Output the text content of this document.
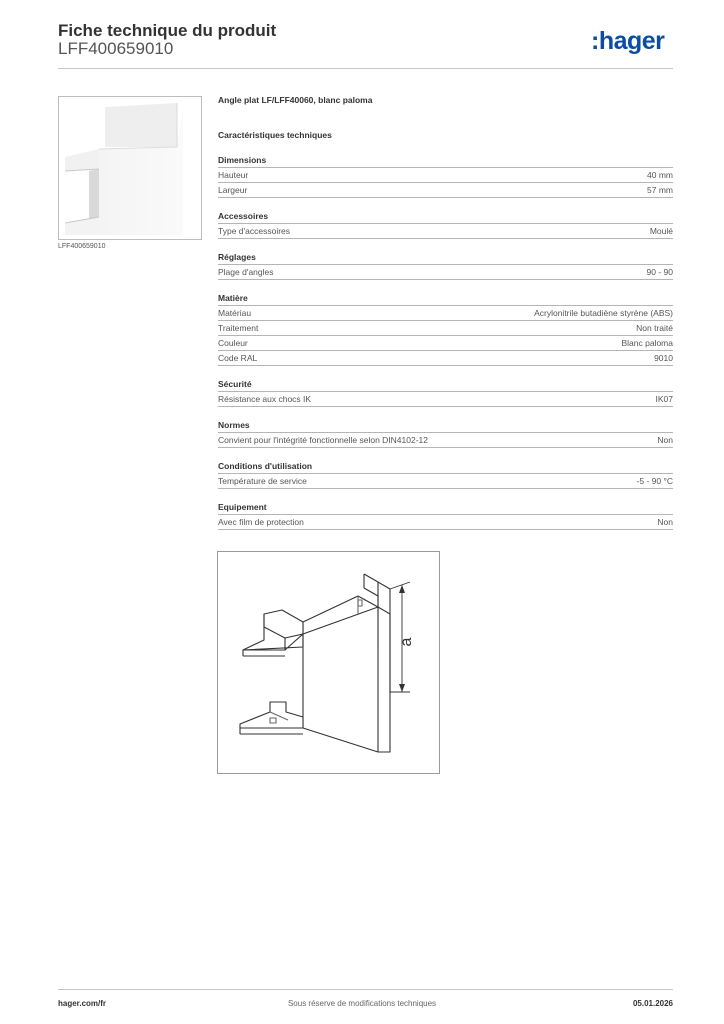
Fiche technique du produit
LFF400659010	:hager
LFF400659010
Angle plat LF/LFF40060, blanc paloma
Caractéristiques techniques
Dimensions
Hauteur	40 mm
Largeur	57 mm
Accessoires
Type d'accessoires	Moulé
Réglages
Plage d'angles	90 - 90
Matière
Matériau	Acrylonitrile butadiène styrène (ABS)
Traitement	Non traité
Couleur	Blanc paloma
Code RAL	9010
Sécurité
Résistance aux chocs IK	IK07
Normes
Convient pour l'intégrité fonctionnelle selon DIN4102-12	Non
Conditions d'utilisation
Température de service	-5 - 90 °C
Equipement
Avec film de protection	Non
a
hager.com/fr	Sous réserve de modifications techniques	05.01.2026
